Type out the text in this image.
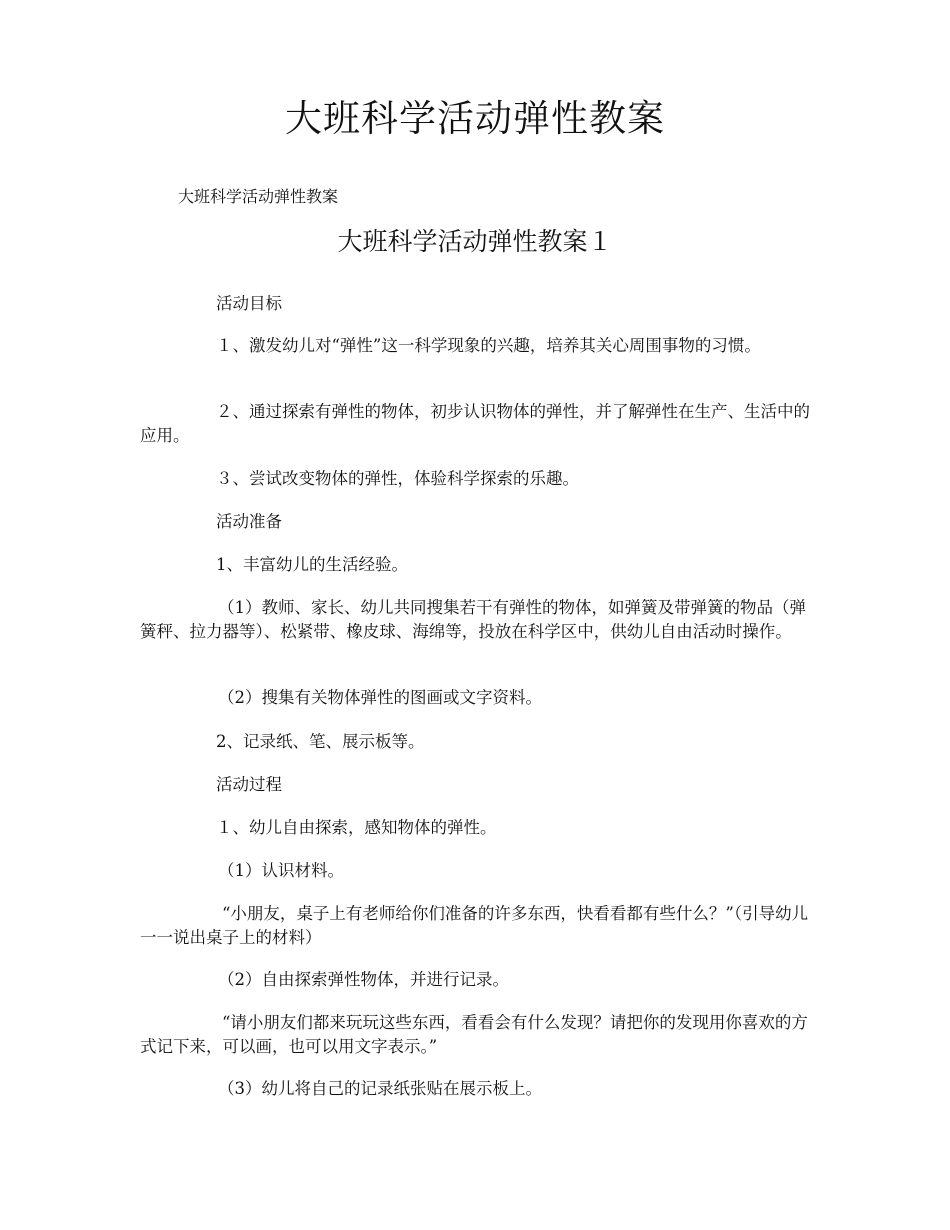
大班科学活动弹性教案

大班科学活动弹性教案

大班科学活动弹性教案１

活动目标

１、激发幼儿对“弹性”这一科学现象的兴趣，培养其关心周围事物的习惯。

２、通过探索有弹性的物体，初步认识物体的弹性，并了解弹性在生产、生活中的应用。

３、尝试改变物体的弹性，体验科学探索的乐趣。

活动准备

1、丰富幼儿的生活经验。

（1）教师、家长、幼儿共同搜集若干有弹性的物体，如弹簧及带弹簧的物品（弹簧秤、拉力器等）、松紧带、橡皮球、海绵等，投放在科学区中，供幼儿自由活动时操作。

（2）搜集有关物体弹性的图画或文字资料。

2、记录纸、笔、展示板等。

活动过程

１、幼儿自由探索，感知物体的弹性。

（1）认识材料。

“小朋友，桌子上有老师给你们准备的许多东西，快看看都有些什么？”（引导幼儿一一说出桌子上的材料）

（2）自由探索弹性物体，并进行记录。

“请小朋友们都来玩玩这些东西，看看会有什么发现？请把你的发现用你喜欢的方式记下来，可以画，也可以用文字表示。”

（3）幼儿将自己的记录纸张贴在展示板上。
